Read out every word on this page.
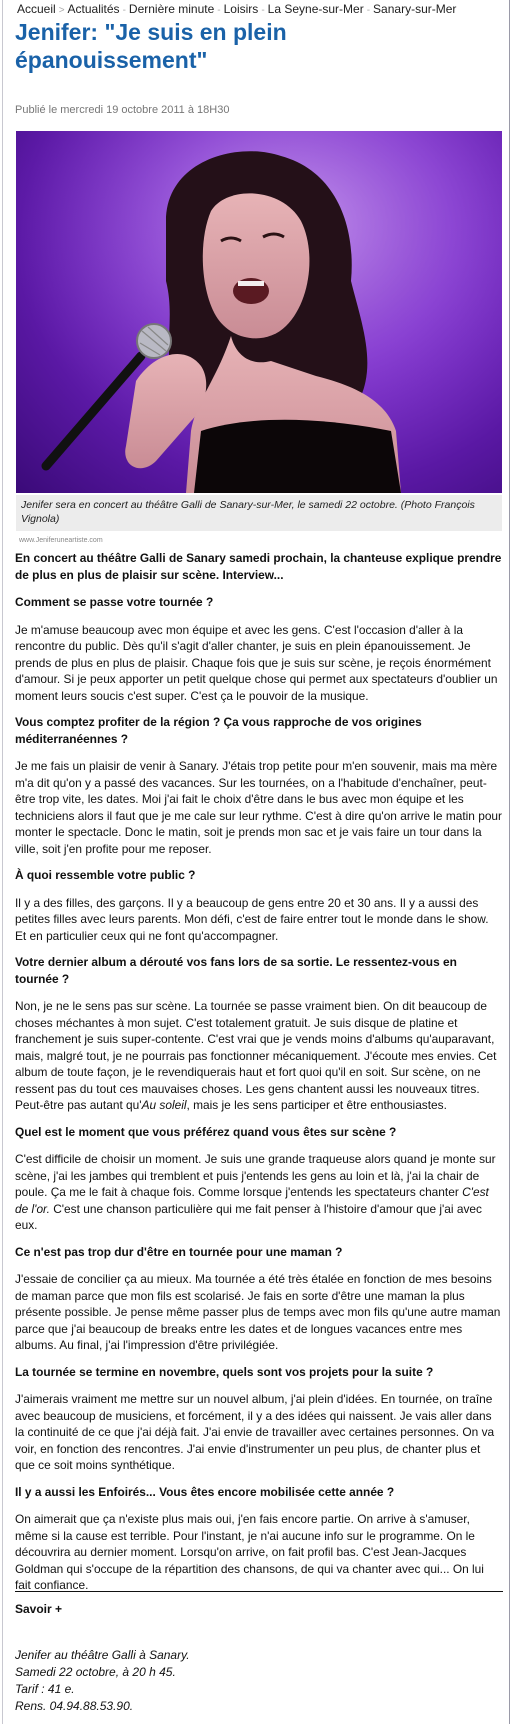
Accueil > Actualités - Dernière minute - Loisirs - La Seyne-sur-Mer - Sanary-sur-Mer
Jenifer: "Je suis en plein épanouissement"
Publié le mercredi 19 octobre 2011 à 18H30
Jenifer sera en concert au théâtre Galli de Sanary-sur-Mer, le samedi 22 octobre. (Photo François Vignola)
www.Jeniferuneartiste.com

En concert au théâtre Galli de Sanary samedi prochain, la chanteuse explique prendre de plus en plus de plaisir sur scène. Interview...

Comment se passe votre tournée ?

Je m'amuse beaucoup avec mon équipe et avec les gens. C'est l'occasion d'aller à la rencontre du public. Dès qu'il s'agit d'aller chanter, je suis en plein épanouissement. Je prends de plus en plus de plaisir. Chaque fois que je suis sur scène, je reçois énormément d'amour. Si je peux apporter un petit quelque chose qui permet aux spectateurs d'oublier un moment leurs soucis c'est super. C'est ça le pouvoir de la musique.

Vous comptez profiter de la région ? Ça vous rapproche de vos origines méditerranéennes ?

Je me fais un plaisir de venir à Sanary. J'étais trop petite pour m'en souvenir, mais ma mère m'a dit qu'on y a passé des vacances. Sur les tournées, on a l'habitude d'enchaîner, peut-être trop vite, les dates. Moi j'ai fait le choix d'être dans le bus avec mon équipe et les techniciens alors il faut que je me cale sur leur rythme. C'est à dire qu'on arrive le matin pour monter le spectacle. Donc le matin, soit je prends mon sac et je vais faire un tour dans la ville, soit j'en profite pour me reposer.

À quoi ressemble votre public ?

Il y a des filles, des garçons. Il y a beaucoup de gens entre 20 et 30 ans. Il y a aussi des petites filles avec leurs parents. Mon défi, c'est de faire entrer tout le monde dans le show. Et en particulier ceux qui ne font qu'accompagner.

Votre dernier album a dérouté vos fans lors de sa sortie. Le ressentez-vous en tournée ?

Non, je ne le sens pas sur scène. La tournée se passe vraiment bien. On dit beaucoup de choses méchantes à mon sujet. C'est totalement gratuit. Je suis disque de platine et franchement je suis super-contente. C'est vrai que je vends moins d'albums qu'auparavant, mais, malgré tout, je ne pourrais pas fonctionner mécaniquement. J'écoute mes envies. Cet album de toute façon, je le revendiquerais haut et fort quoi qu'il en soit. Sur scène, on ne ressent pas du tout ces mauvaises choses. Les gens chantent aussi les nouveaux titres. Peut-être pas autant qu'Au soleil, mais je les sens participer et être enthousiastes.

Quel est le moment que vous préférez quand vous êtes sur scène ?

C'est difficile de choisir un moment. Je suis une grande traqueuse alors quand je monte sur scène, j'ai les jambes qui tremblent et puis j'entends les gens au loin et là, j'ai la chair de poule. Ça me le fait à chaque fois. Comme lorsque j'entends les spectateurs chanter C'est de l'or. C'est une chanson particulière qui me fait penser à l'histoire d'amour que j'ai avec eux.

Ce n'est pas trop dur d'être en tournée pour une maman ?

J'essaie de concilier ça au mieux. Ma tournée a été très étalée en fonction de mes besoins de maman parce que mon fils est scolarisé. Je fais en sorte d'être une maman la plus présente possible. Je pense même passer plus de temps avec mon fils qu'une autre maman parce que j'ai beaucoup de breaks entre les dates et de longues vacances entre mes albums. Au final, j'ai l'impression d'être privilégiée.

La tournée se termine en novembre, quels sont vos projets pour la suite ?

J'aimerais vraiment me mettre sur un nouvel album, j'ai plein d'idées. En tournée, on traîne avec beaucoup de musiciens, et forcément, il y a des idées qui naissent. Je vais aller dans la continuité de ce que j'ai déjà fait. J'ai envie de travailler avec certaines personnes. On va voir, en fonction des rencontres. J'ai envie d'instrumenter un peu plus, de chanter plus et que ce soit moins synthétique.

Il y a aussi les Enfoirés... Vous êtes encore mobilisée cette année ?

On aimerait que ça n'existe plus mais oui, j'en fais encore partie. On arrive à s'amuser, même si la cause est terrible. Pour l'instant, je n'ai aucune info sur le programme. On le découvrira au dernier moment. Lorsqu'on arrive, on fait profil bas. C'est Jean-Jacques Goldman qui s'occupe de la répartition des chansons, de qui va chanter avec qui... On lui fait confiance.

Savoir +
Jenifer au théâtre Galli à Sanary.
Samedi 22 octobre, à 20 h 45.
Tarif : 41 e.
Rens. 04.94.88.53.90.
